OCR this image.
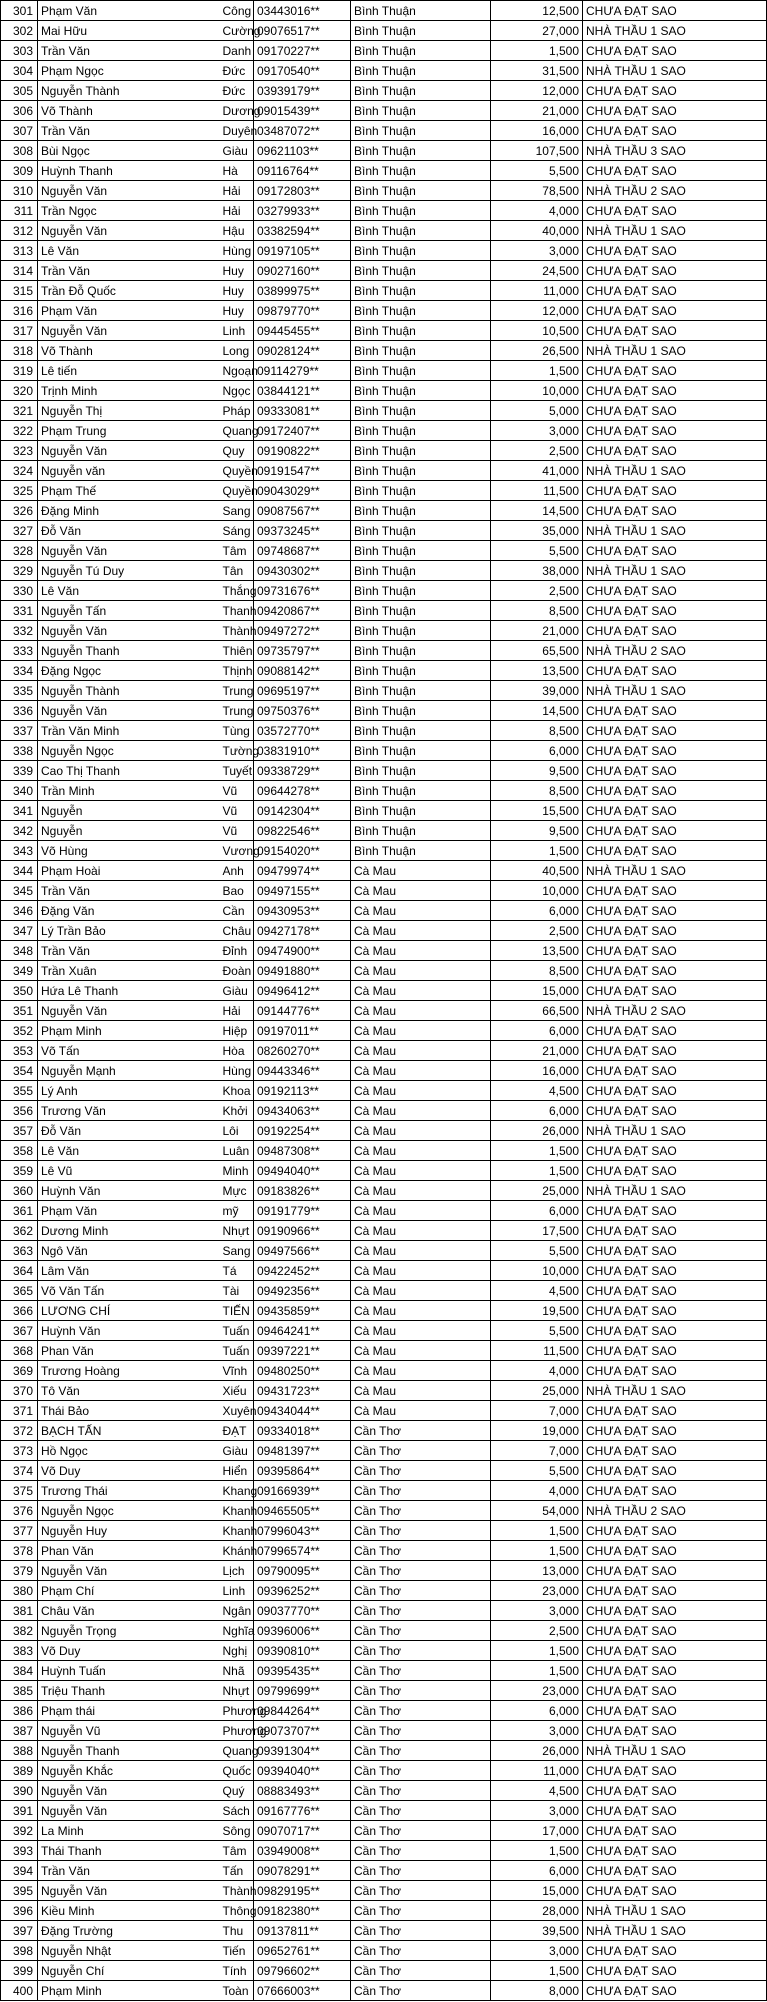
301	Phạm Văn	Công	03443016**	Bình Thuận	12,500	CHƯA ĐẠT SAO
302	Mai Hữu	Cường	09076517**	Bình Thuận	27,000	NHÀ THẦU 1 SAO
303	Trần Văn	Danh	09170227**	Bình Thuận	1,500	CHƯA ĐẠT SAO
304	Phạm Ngọc	Đức	09170540**	Bình Thuận	31,500	NHÀ THẦU 1 SAO
305	Nguyễn Thành	Đức	03939179**	Bình Thuận	12,000	CHƯA ĐẠT SAO
306	Võ Thành	Dương	09015439**	Bình Thuận	21,000	CHƯA ĐẠT SAO
307	Trần Văn	Duyên	03487072**	Bình Thuận	16,000	CHƯA ĐẠT SAO
308	Bùi Ngọc	Giàu	09621103**	Bình Thuận	107,500	NHÀ THẦU 3 SAO
309	Huỳnh Thanh	Hà	09116764**	Bình Thuận	5,500	CHƯA ĐẠT SAO
310	Nguyễn Văn	Hải	09172803**	Bình Thuận	78,500	NHÀ THẦU 2 SAO
311	Trần Ngọc	Hải	03279933**	Bình Thuận	4,000	CHƯA ĐẠT SAO
312	Nguyễn Văn	Hậu	03382594**	Bình Thuận	40,000	NHÀ THẦU 1 SAO
313	Lê Văn	Hùng	09197105**	Bình Thuận	3,000	CHƯA ĐẠT SAO
314	Trần Văn	Huy	09027160**	Bình Thuận	24,500	CHƯA ĐẠT SAO
315	Trần Đỗ Quốc	Huy	03899975**	Bình Thuận	11,000	CHƯA ĐẠT SAO
316	Phạm Văn	Huy	09879770**	Bình Thuận	12,000	CHƯA ĐẠT SAO
317	Nguyễn Văn	Linh	09445455**	Bình Thuận	10,500	CHƯA ĐẠT SAO
318	Võ Thành	Long	09028124**	Bình Thuận	26,500	NHÀ THẦU 1 SAO
319	Lê tiến	Ngoạn	09114279**	Bình Thuận	1,500	CHƯA ĐẠT SAO
320	Trịnh Minh	Ngọc	03844121**	Bình Thuận	10,000	CHƯA ĐẠT SAO
321	Nguyễn Thị	Pháp	09333081**	Bình Thuận	5,000	CHƯA ĐẠT SAO
322	Phạm Trung	Quang	09172407**	Bình Thuận	3,000	CHƯA ĐẠT SAO
323	Nguyễn Văn	Quy	09190822**	Bình Thuận	2,500	CHƯA ĐẠT SAO
324	Nguyễn văn	Quyền	09191547**	Bình Thuận	41,000	NHÀ THẦU 1 SAO
325	Phạm Thế	Quyền	09043029**	Bình Thuận	11,500	CHƯA ĐẠT SAO
326	Đặng Minh	Sang	09087567**	Bình Thuận	14,500	CHƯA ĐẠT SAO
327	Đỗ Văn	Sáng	09373245**	Bình Thuận	35,000	NHÀ THẦU 1 SAO
328	Nguyễn Văn	Tâm	09748687**	Bình Thuận	5,500	CHƯA ĐẠT SAO
329	Nguyễn Tú Duy	Tân	09430302**	Bình Thuận	38,000	NHÀ THẦU 1 SAO
330	Lê Văn	Thắng	09731676**	Bình Thuận	2,500	CHƯA ĐẠT SAO
331	Nguyễn Tấn	Thanh	09420867**	Bình Thuận	8,500	CHƯA ĐẠT SAO
332	Nguyễn Văn	Thành	09497272**	Bình Thuận	21,000	CHƯA ĐẠT SAO
333	Nguyễn Thanh	Thiên	09735797**	Bình Thuận	65,500	NHÀ THẦU 2 SAO
334	Đặng Ngọc	Thịnh	09088142**	Bình Thuận	13,500	CHƯA ĐẠT SAO
335	Nguyễn Thành	Trung	09695197**	Bình Thuận	39,000	NHÀ THẦU 1 SAO
336	Nguyễn Văn	Trung	09750376**	Bình Thuận	14,500	CHƯA ĐẠT SAO
337	Trần Văn Minh	Tùng	03572770**	Bình Thuận	8,500	CHƯA ĐẠT SAO
338	Nguyễn Ngọc	Tường	03831910**	Bình Thuận	6,000	CHƯA ĐẠT SAO
339	Cao Thị Thanh	Tuyết	09338729**	Bình Thuận	9,500	CHƯA ĐẠT SAO
340	Trần Minh	Vũ	09644278**	Bình Thuận	8,500	CHƯA ĐẠT SAO
341	Nguyễn	Vũ	09142304**	Bình Thuận	15,500	CHƯA ĐẠT SAO
342	Nguyễn	Vũ	09822546**	Bình Thuận	9,500	CHƯA ĐẠT SAO
343	Võ Hùng	Vương	09154020**	Bình Thuận	1,500	CHƯA ĐẠT SAO
344	Phạm Hoài	Anh	09479974**	Cà Mau	40,500	NHÀ THẦU 1 SAO
345	Trần Văn	Bao	09497155**	Cà Mau	10,000	CHƯA ĐẠT SAO
346	Đặng Văn	Cần	09430953**	Cà Mau	6,000	CHƯA ĐẠT SAO
347	Lý Trần Bảo	Châu	09427178**	Cà Mau	2,500	CHƯA ĐẠT SAO
348	Trần Văn	Đỉnh	09474900**	Cà Mau	13,500	CHƯA ĐẠT SAO
349	Trần Xuân	Đoàn	09491880**	Cà Mau	8,500	CHƯA ĐẠT SAO
350	Hứa Lê Thanh	Giàu	09496412**	Cà Mau	15,000	CHƯA ĐẠT SAO
351	Nguyễn Văn	Hải	09144776**	Cà Mau	66,500	NHÀ THẦU 2 SAO
352	Phạm Minh	Hiệp	09197011**	Cà Mau	6,000	CHƯA ĐẠT SAO
353	Võ Tấn	Hòa	08260270**	Cà Mau	21,000	CHƯA ĐẠT SAO
354	Nguyễn Mạnh	Hùng	09443346**	Cà Mau	16,000	CHƯA ĐẠT SAO
355	Lý Anh	Khoa	09192113**	Cà Mau	4,500	CHƯA ĐẠT SAO
356	Trương Văn	Khởi	09434063**	Cà Mau	6,000	CHƯA ĐẠT SAO
357	Đỗ Văn	Lôi	09192254**	Cà Mau	26,000	NHÀ THẦU 1 SAO
358	Lê Văn	Luân	09487308**	Cà Mau	1,500	CHƯA ĐẠT SAO
359	Lê Vũ	Minh	09494040**	Cà Mau	1,500	CHƯA ĐẠT SAO
360	Huỳnh Văn	Mực	09183826**	Cà Mau	25,000	NHÀ THẦU 1 SAO
361	Phạm Văn	mỹ	09191779**	Cà Mau	6,000	CHƯA ĐẠT SAO
362	Dương Minh	Nhựt	09190966**	Cà Mau	17,500	CHƯA ĐẠT SAO
363	Ngô Văn	Sang	09497566**	Cà Mau	5,500	CHƯA ĐẠT SAO
364	Lâm Văn	Tá	09422452**	Cà Mau	10,000	CHƯA ĐẠT SAO
365	Võ Văn Tấn	Tài	09492356**	Cà Mau	4,500	CHƯA ĐẠT SAO
366	LƯƠNG CHÍ	TIẾN	09435859**	Cà Mau	19,500	CHƯA ĐẠT SAO
367	Huỳnh Văn	Tuấn	09464241**	Cà Mau	5,500	CHƯA ĐẠT SAO
368	Phan Văn	Tuấn	09397221**	Cà Mau	11,500	CHƯA ĐẠT SAO
369	Trương Hoàng	Vĩnh	09480250**	Cà Mau	4,000	CHƯA ĐẠT SAO
370	Tô Văn	Xiếu	09431723**	Cà Mau	25,000	NHÀ THẦU 1 SAO
371	Thái Bảo	Xuyên	09434044**	Cà Mau	7,000	CHƯA ĐẠT SAO
372	BẠCH TẤN	ĐẠT	09334018**	Cần Thơ	19,000	CHƯA ĐẠT SAO
373	Hồ Ngọc	Giàu	09481397**	Cần Thơ	7,000	CHƯA ĐẠT SAO
374	Võ Duy	Hiển	09395864**	Cần Thơ	5,500	CHƯA ĐẠT SAO
375	Trương Thái	Khang	09166939**	Cần Thơ	4,000	CHƯA ĐẠT SAO
376	Nguyễn Ngọc	Khanh	09465505**	Cần Thơ	54,000	NHÀ THẦU 2 SAO
377	Nguyễn Huy	Khanh	07996043**	Cần Thơ	1,500	CHƯA ĐẠT SAO
378	Phan Văn	Khánh	07996574**	Cần Thơ	1,500	CHƯA ĐẠT SAO
379	Nguyễn Văn	Lịch	09790095**	Cần Thơ	13,000	CHƯA ĐẠT SAO
380	Phạm Chí	Linh	09396252**	Cần Thơ	23,000	CHƯA ĐẠT SAO
381	Châu Văn	Ngân	09037770**	Cần Thơ	3,000	CHƯA ĐẠT SAO
382	Nguyễn Trọng	Nghĩa	09396006**	Cần Thơ	2,500	CHƯA ĐẠT SAO
383	Võ Duy	Nghị	09390810**	Cần Thơ	1,500	CHƯA ĐẠT SAO
384	Huỳnh Tuấn	Nhã	09395435**	Cần Thơ	1,500	CHƯA ĐẠT SAO
385	Triệu Thanh	Nhựt	09799699**	Cần Thơ	23,000	CHƯA ĐẠT SAO
386	Phạm thái	Phương	09844264**	Cần Thơ	6,000	CHƯA ĐẠT SAO
387	Nguyễn Vũ	Phương	09073707**	Cần Thơ	3,000	CHƯA ĐẠT SAO
388	Nguyễn Thanh	Quang	09391304**	Cần Thơ	26,000	NHÀ THẦU 1 SAO
389	Nguyễn Khắc	Quốc	09394040**	Cần Thơ	11,000	CHƯA ĐẠT SAO
390	Nguyễn Văn	Quý	08883493**	Cần Thơ	4,500	CHƯA ĐẠT SAO
391	Nguyễn Văn	Sách	09167776**	Cần Thơ	3,000	CHƯA ĐẠT SAO
392	La Minh	Sông	09070717**	Cần Thơ	17,000	CHƯA ĐẠT SAO
393	Thái Thanh	Tâm	03949008**	Cần Thơ	1,500	CHƯA ĐẠT SAO
394	Trần Văn	Tấn	09078291**	Cần Thơ	6,000	CHƯA ĐẠT SAO
395	Nguyễn Văn	Thành	09829195**	Cần Thơ	15,000	CHƯA ĐẠT SAO
396	Kiều Minh	Thông	09182380**	Cần Thơ	28,000	NHÀ THẦU 1 SAO
397	Đặng Trường	Thu	09137811**	Cần Thơ	39,500	NHÀ THẦU 1 SAO
398	Nguyễn Nhật	Tiến	09652761**	Cần Thơ	3,000	CHƯA ĐẠT SAO
399	Nguyễn Chí	Tính	09796602**	Cần Thơ	1,500	CHƯA ĐẠT SAO
400	Phạm Minh	Toàn	07666003**	Cần Thơ	8,000	CHƯA ĐẠT SAO
